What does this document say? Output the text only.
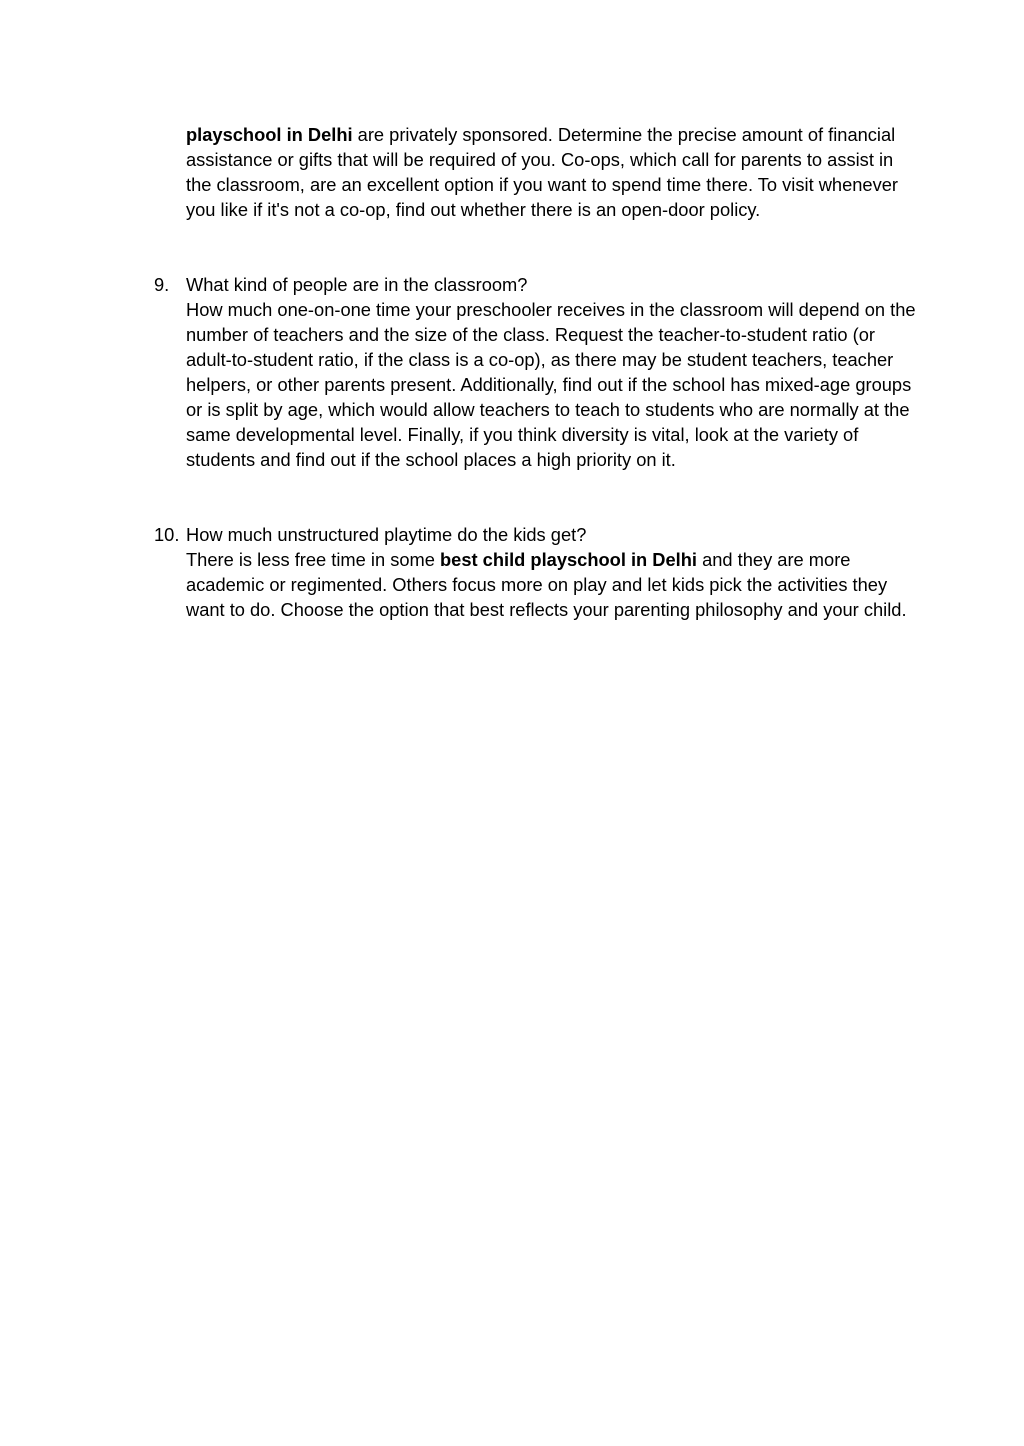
playschool in Delhi are privately sponsored. Determine the precise amount of financial assistance or gifts that will be required of you. Co-ops, which call for parents to assist in the classroom, are an excellent option if you want to spend time there. To visit whenever you like if it's not a co-op, find out whether there is an open-door policy.

9. What kind of people are in the classroom?
How much one-on-one time your preschooler receives in the classroom will depend on the number of teachers and the size of the class. Request the teacher-to-student ratio (or adult-to-student ratio, if the class is a co-op), as there may be student teachers, teacher helpers, or other parents present. Additionally, find out if the school has mixed-age groups or is split by age, which would allow teachers to teach to students who are normally at the same developmental level. Finally, if you think diversity is vital, look at the variety of students and find out if the school places a high priority on it.
10. How much unstructured playtime do the kids get?
There is less free time in some best child playschool in Delhi and they are more academic or regimented. Others focus more on play and let kids pick the activities they want to do. Choose the option that best reflects your parenting philosophy and your child.
